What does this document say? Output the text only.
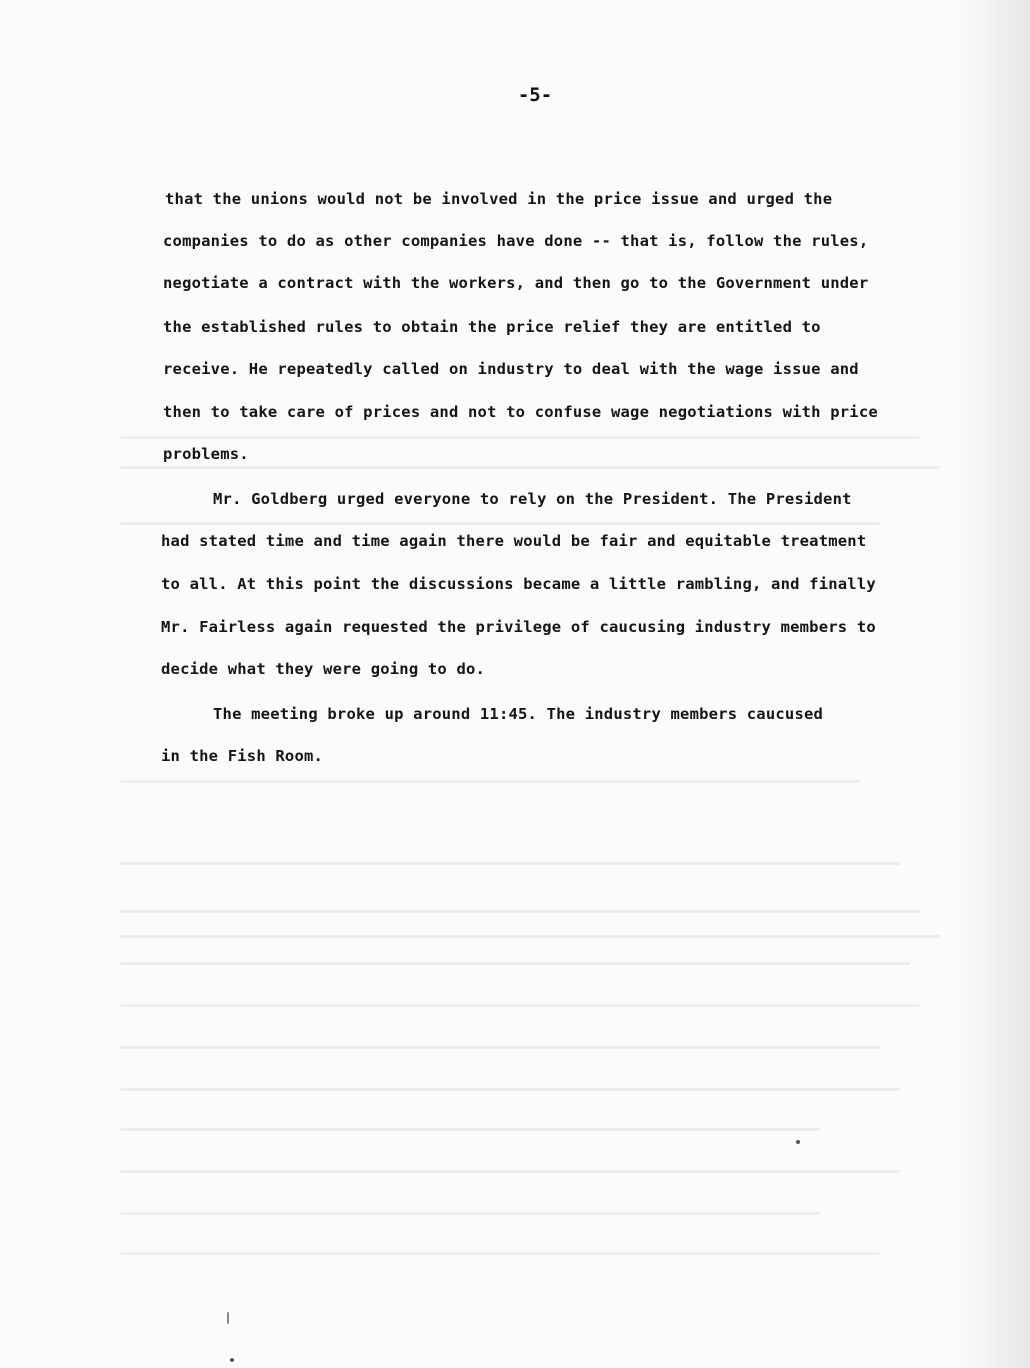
-5-
that the unions would not be involved in the price issue and urged the
companies to do as other companies have done -- that is, follow the rules,
negotiate a contract with the workers, and then go to the Government under
the established rules to obtain the price relief they are entitled to
receive. He repeatedly called on industry to deal with the wage issue and
then to take care of prices and not to confuse wage negotiations with price
problems.
Mr. Goldberg urged everyone to rely on the President. The President
had stated time and time again there would be fair and equitable treatment
to all. At this point the discussions became a little rambling, and finally
Mr. Fairless again requested the privilege of caucusing industry members to
decide what they were going to do.
The meeting broke up around 11:45. The industry members caucused
in the Fish Room.
